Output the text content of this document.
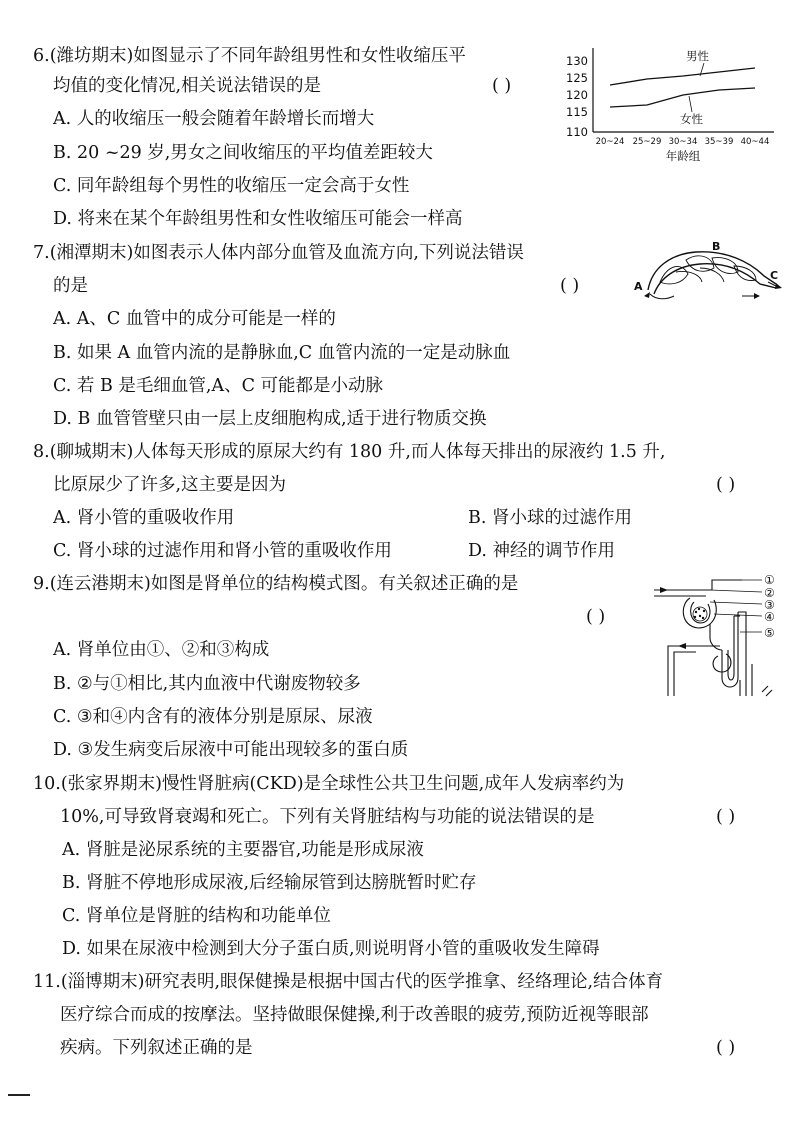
6.(潍坊期末)如图显示了不同年龄组男性和女性收缩压平
均值的变化情况,相关说法错误的是	( )
A. 人的收缩压一般会随着年龄增长而增大
B. 20 ~29 岁,男女之间收缩压的平均值差距较大
C. 同年龄组每个男性的收缩压一定会高于女性
D. 将来在某个年龄组男性和女性收缩压可能会一样高
130
125
120
115
110
20~24 25~29 30~34 35~39 40~44
年龄组
男性
女性
7.(湘潭期末)如图表示人体内部分血管及血流方向,下列说法错误
的是	( )
A. A、C 血管中的成分可能是一样的
B. 如果 A 血管内流的是静脉血,C 血管内流的一定是动脉血
C. 若 B 是毛细血管,A、C 可能都是小动脉
D. B 血管管壁只由一层上皮细胞构成,适于进行物质交换
B
A
C
8.(聊城期末)人体每天形成的原尿大约有 180 升,而人体每天排出的尿液约 1.5 升,
比原尿少了许多,这主要是因为	( )
A. 肾小管的重吸收作用	B. 肾小球的过滤作用
C. 肾小球的过滤作用和肾小管的重吸收作用	D. 神经的调节作用
9.(连云港期末)如图是肾单位的结构模式图。有关叙述正确的是
( )
A. 肾单位由①、②和③构成
B. ②与①相比,其内血液中代谢废物较多
C. ③和④内含有的液体分别是原尿、尿液
D. ③发生病变后尿液中可能出现较多的蛋白质
①
②
③
④
⑤
10.(张家界期末)慢性肾脏病(CKD)是全球性公共卫生问题,成年人发病率约为
10%,可导致肾衰竭和死亡。下列有关肾脏结构与功能的说法错误的是	( )
A. 肾脏是泌尿系统的主要器官,功能是形成尿液
B. 肾脏不停地形成尿液,后经输尿管到达膀胱暂时贮存
C. 肾单位是肾脏的结构和功能单位
D. 如果在尿液中检测到大分子蛋白质,则说明肾小管的重吸收发生障碍
11.(淄博期末)研究表明,眼保健操是根据中国古代的医学推拿、经络理论,结合体育
医疗综合而成的按摩法。坚持做眼保健操,利于改善眼的疲劳,预防近视等眼部
疾病。下列叙述正确的是	( )
